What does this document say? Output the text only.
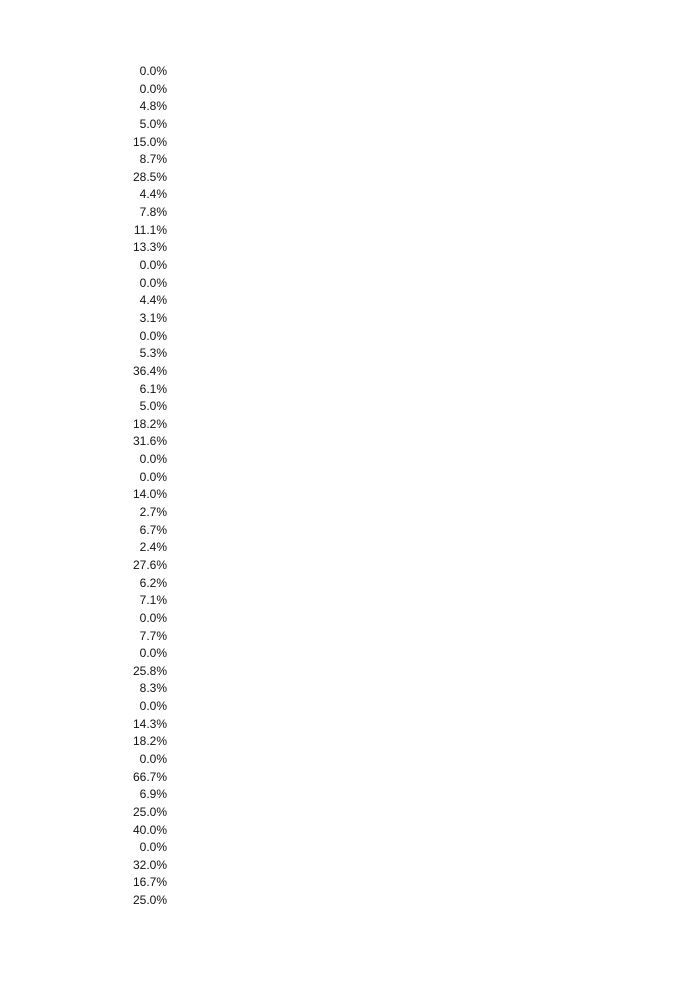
0.0%
0.0%
4.8%
5.0%
15.0%
8.7%
28.5%
4.4%
7.8%
11.1%
13.3%
0.0%
0.0%
4.4%
3.1%
0.0%
5.3%
36.4%
6.1%
5.0%
18.2%
31.6%
0.0%
0.0%
14.0%
2.7%
6.7%
2.4%
27.6%
6.2%
7.1%
0.0%
7.7%
0.0%
25.8%
8.3%
0.0%
14.3%
18.2%
0.0%
66.7%
6.9%
25.0%
40.0%
0.0%
32.0%
16.7%
25.0%
